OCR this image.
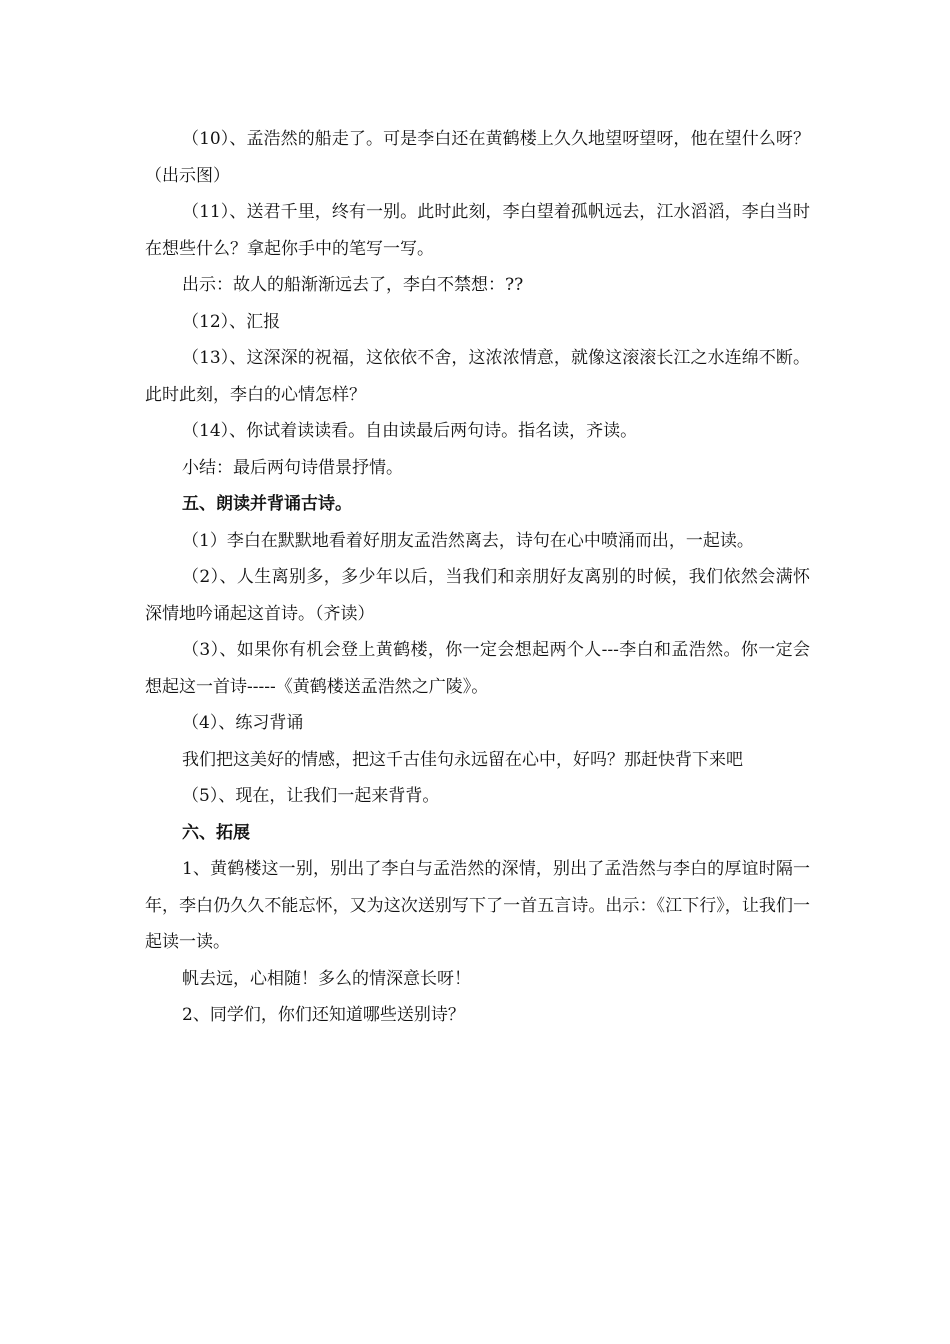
（10）、孟浩然的船走了。可是李白还在黄鹤楼上久久地望呀望呀，他在望什么呀？（出示图）

（11）、送君千里，终有一别。此时此刻，李白望着孤帆远去，江水滔滔，李白当时在想些什么？拿起你手中的笔写一写。

出示：故人的船渐渐远去了，李白不禁想：??

（12）、汇报

（13）、这深深的祝福，这依依不舍，这浓浓情意，就像这滚滚长江之水连绵不断。此时此刻，李白的心情怎样？

（14）、你试着读读看。自由读最后两句诗。指名读，齐读。

小结：最后两句诗借景抒情。

五、朗读并背诵古诗。

（1）李白在默默地看着好朋友孟浩然离去，诗句在心中喷涌而出，一起读。

（2）、人生离别多，多少年以后，当我们和亲朋好友离别的时候，我们依然会满怀深情地吟诵起这首诗。（齐读）

（3）、如果你有机会登上黄鹤楼，你一定会想起两个人---李白和孟浩然。你一定会想起这一首诗-----《黄鹤楼送孟浩然之广陵》。

（4）、练习背诵

我们把这美好的情感，把这千古佳句永远留在心中，好吗？那赶快背下来吧

（5）、现在，让我们一起来背背。

六、拓展

1、黄鹤楼这一别，别出了李白与孟浩然的深情，别出了孟浩然与李白的厚谊时隔一年，李白仍久久不能忘怀，又为这次送别写下了一首五言诗。出示：《江下行》，让我们一起读一读。

帆去远，心相随！多么的情深意长呀！

2、同学们，你们还知道哪些送别诗？
